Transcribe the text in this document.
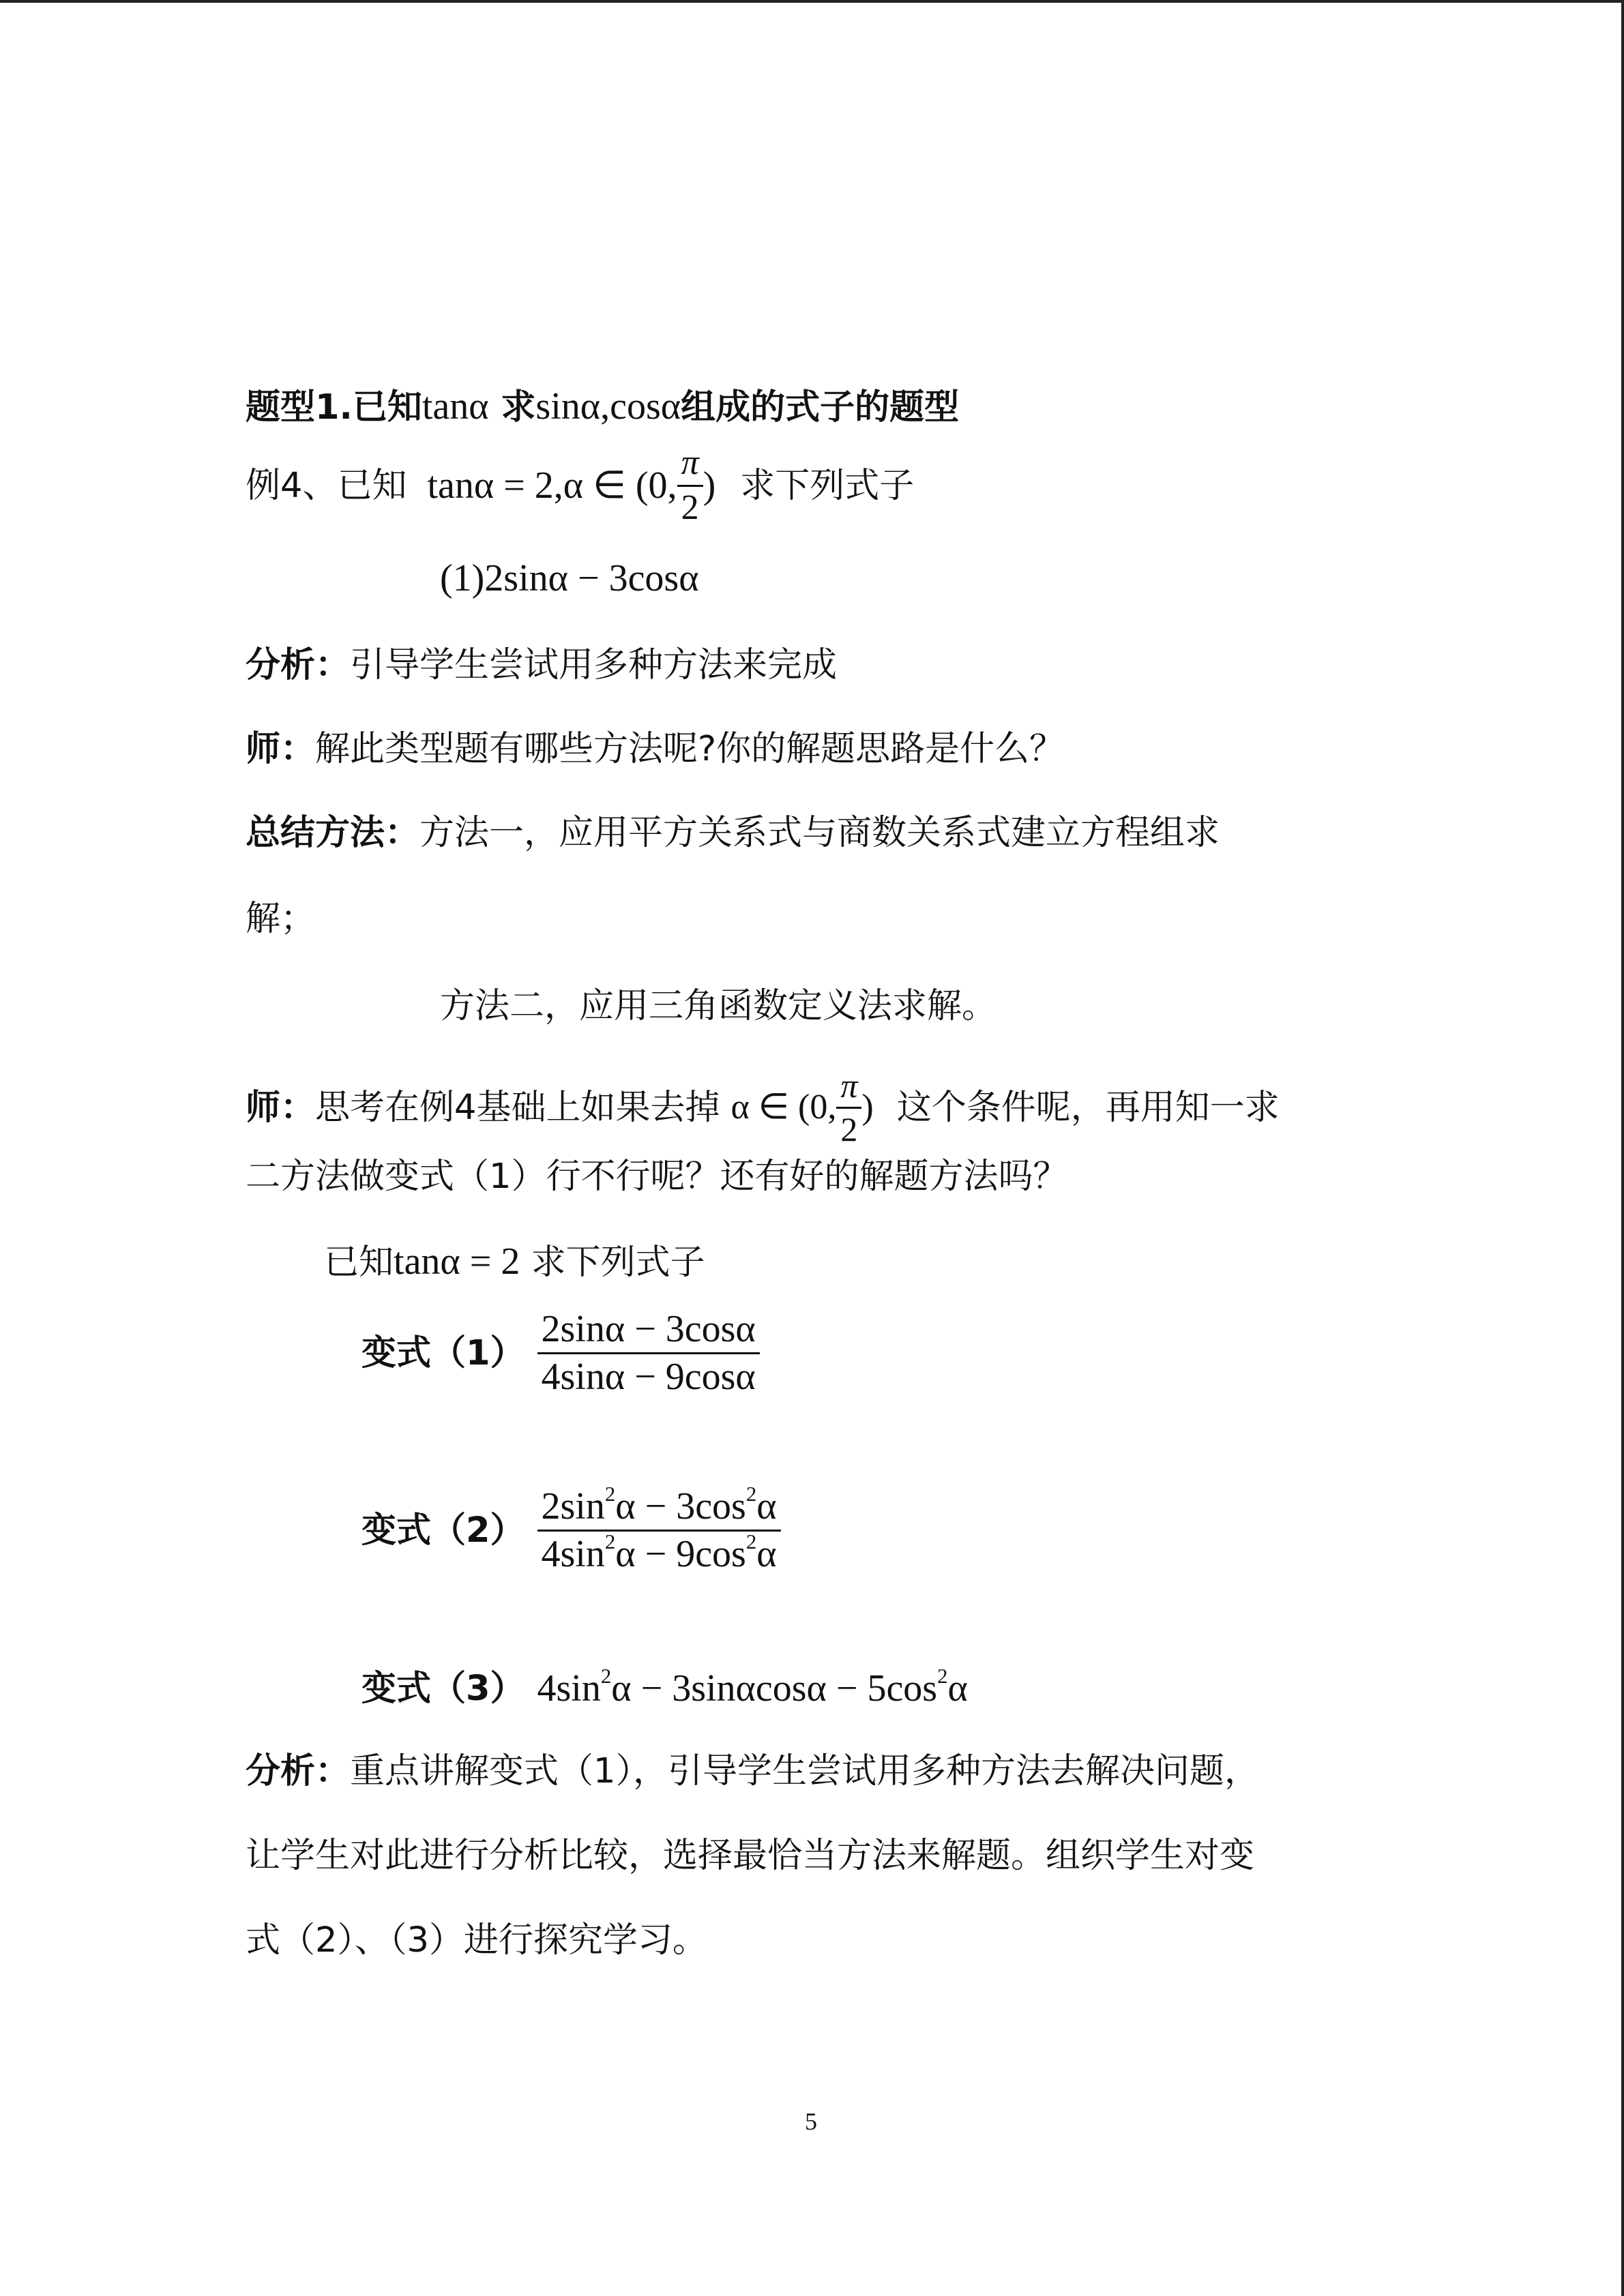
题型1.已知tanα 求sinα,cosα组成的式子的题型
例4、已知 tanα = 2,α ∈ (0, $\frac{\pi}{2}$ ) 求下列式子
(1)2sinα − 3cosα
分析：引导学生尝试用多种方法来完成
师：解此类型题有哪些方法呢?你的解题思路是什么？
总结方法：方法一，应用平方关系式与商数关系式建立方程组求
解；
方法二，应用三角函数定义法求解。
师： 思考在例4基础上如果去掉 α ∈ (0, $\frac{\pi}{2}$ ) 这个条件呢，再用知一求
二方法做变式（1）行不行呢？还有好的解题方法吗？
已知tanα = 2 求下列式子
变式$(1) \frac{2\sin\alpha - 3\cos\alpha}{4\sin\alpha - 9\cos\alpha}$
变式$(2) \frac{2\sin^2\alpha - 3\cos^2\alpha}{4\sin^2\alpha - 9\cos^2\alpha}$
变式（3） $4\sin^2\alpha - 3\sin\alpha\cos\alpha - 5\cos^2\alpha$
分析：重点讲解变式（1），引导学生尝试用多种方法去解决问题，
让学生对此进行分析比较，选择最恰当方法来解题。组织学生对变
式（2）、（3）进行探究学习。
5
